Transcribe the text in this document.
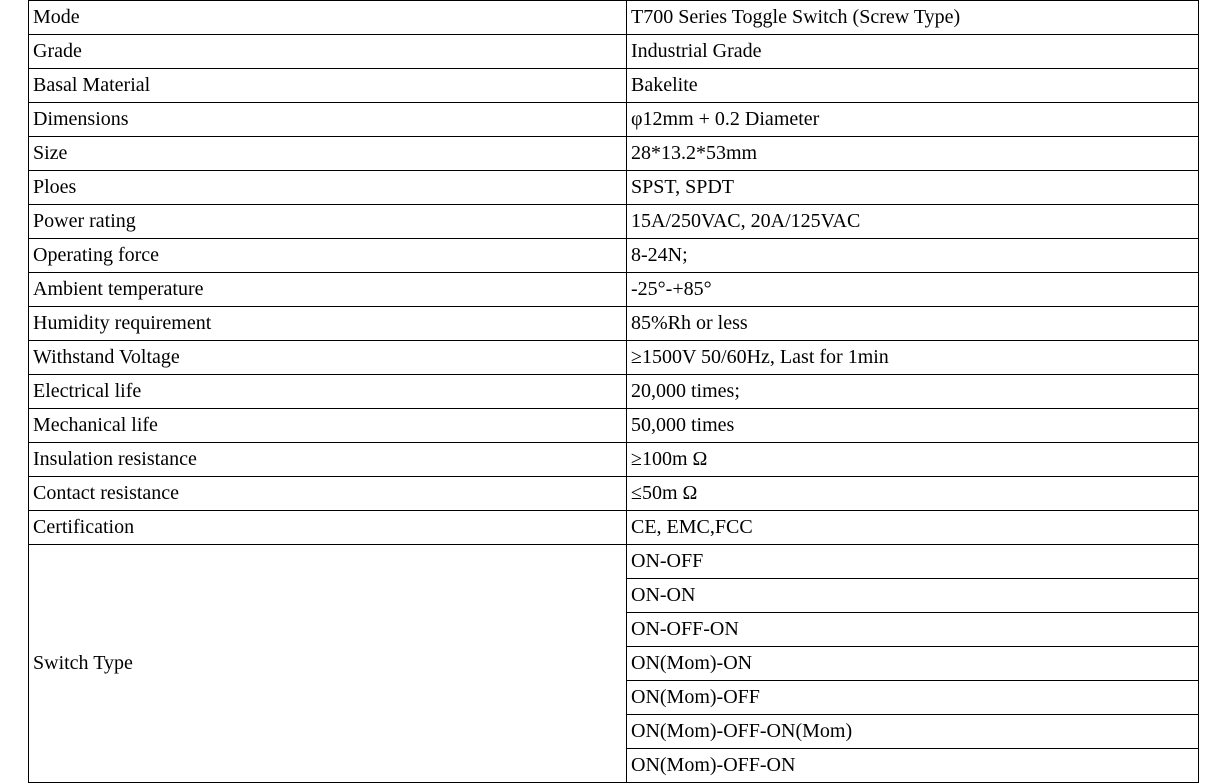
Mode	T700 Series Toggle Switch (Screw Type)
Grade	Industrial Grade
Basal Material	Bakelite
Dimensions	φ12mm + 0.2 Diameter
Size	28*13.2*53mm
Ploes	SPST, SPDT
Power rating	15A/250VAC, 20A/125VAC
Operating force	8-24N;
Ambient temperature	-25°-+85°
Humidity requirement	85%Rh or less
Withstand Voltage	≥1500V 50/60Hz, Last for 1min
Electrical life	20,000 times;
Mechanical life	50,000 times
Insulation resistance	≥100m Ω
Contact resistance	≤50m Ω
Certification	CE, EMC,FCC
Switch Type	ON-OFF
	ON-ON
	ON-OFF-ON
	ON(Mom)-ON
	ON(Mom)-OFF
	ON(Mom)-OFF-ON(Mom)
	ON(Mom)-OFF-ON
